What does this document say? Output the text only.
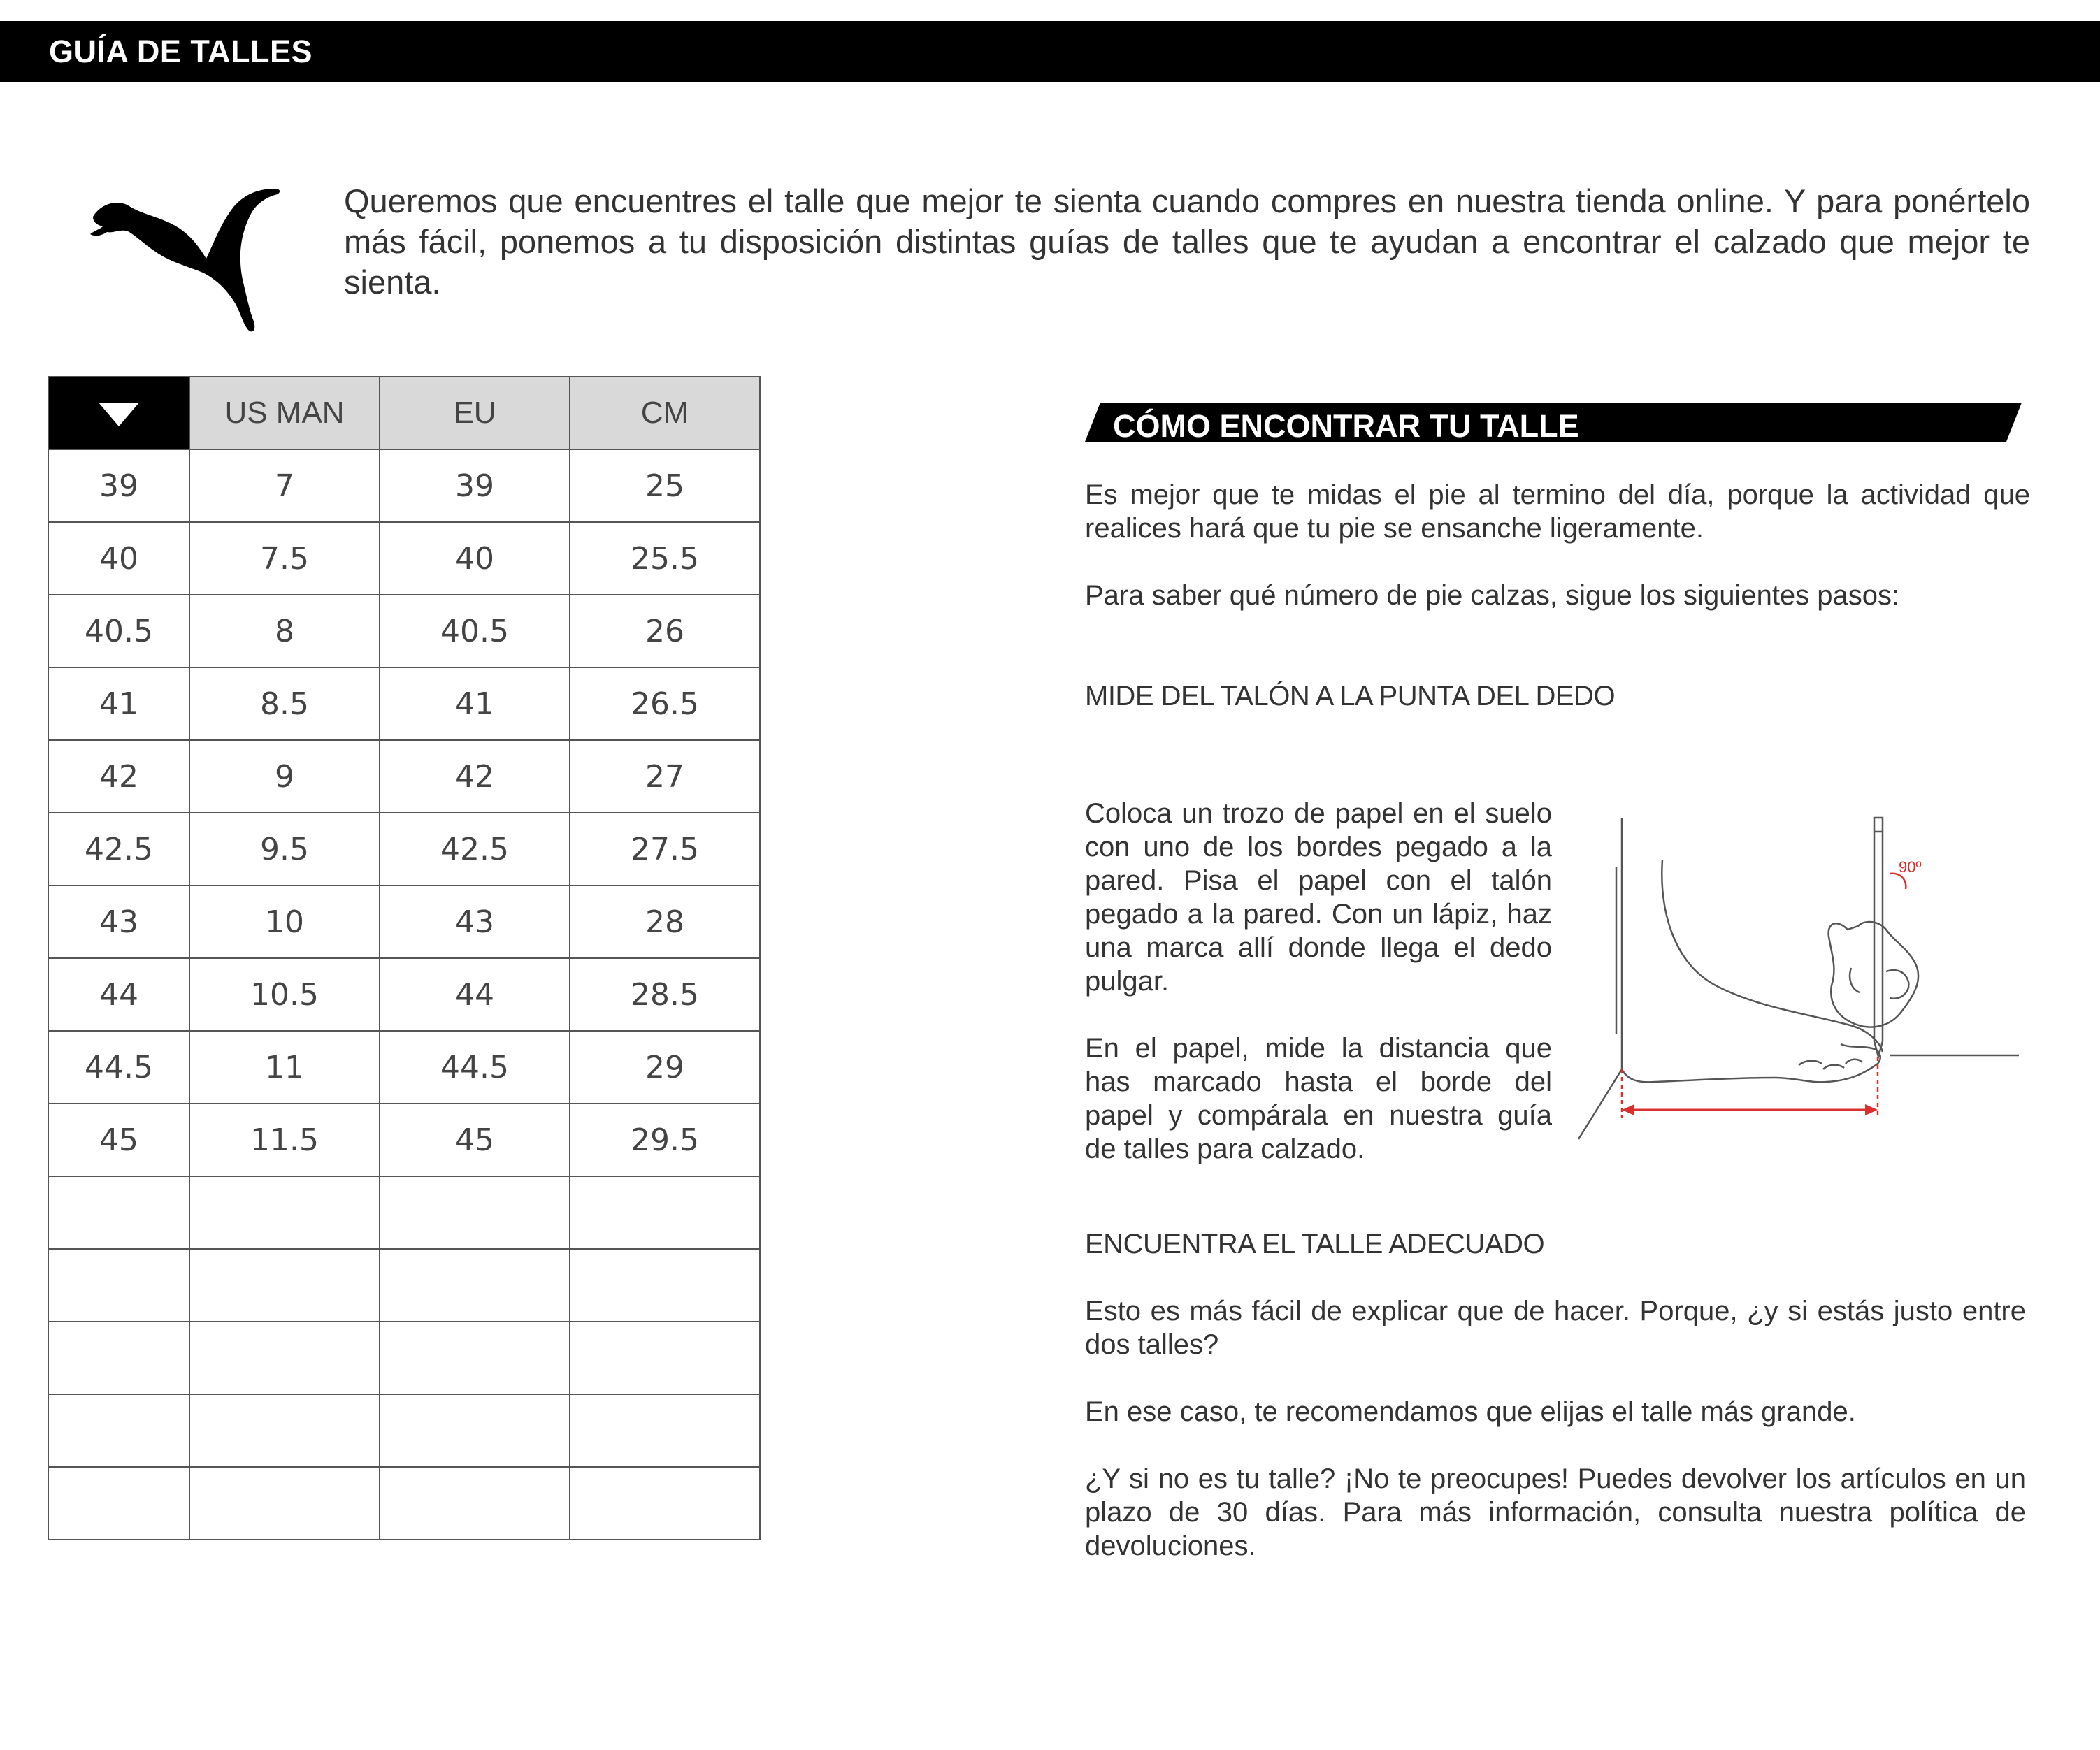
GUÍA DE TALLES

Queremos que encuentres el talle que mejor te sienta cuando compres en nuestra tienda online. Y para ponértelo más fácil, ponemos a tu disposición distintas guías de talles que te ayudan a encontrar el calzado que mejor te sienta.

	US MAN	EU	CM
39	7	39	25
40	7.5	40	25.5
40.5	8	40.5	26
41	8.5	41	26.5
42	9	42	27
42.5	9.5	42.5	27.5
43	10	43	28
44	10.5	44	28.5
44.5	11	44.5	29
45	11.5	45	29.5

CÓMO ENCONTRAR TU TALLE

Es mejor que te midas el pie al termino del día, porque la actividad que realices hará que tu pie se ensanche ligeramente.

Para saber qué número de pie calzas, sigue los siguientes pasos:

MIDE DEL TALÓN A LA PUNTA DEL DEDO

Coloca un trozo de papel en el suelo con uno de los bordes pegado a la pared. Pisa el papel con el talón pegado a la pared. Con un lápiz, haz una marca allí donde llega el dedo pulgar.

En el papel, mide la distancia que has marcado hasta el borde del papel y compárala en nuestra guía de talles para calzado.

90º

ENCUENTRA EL TALLE ADECUADO

Esto es más fácil de explicar que de hacer. Porque, ¿y si estás justo entre dos talles?

En ese caso, te recomendamos que elijas el talle más grande.

¿Y si no es tu talle? ¡No te preocupes! Puedes devolver los artículos en un plazo de 30 días. Para más información, consulta nuestra política de devoluciones.
